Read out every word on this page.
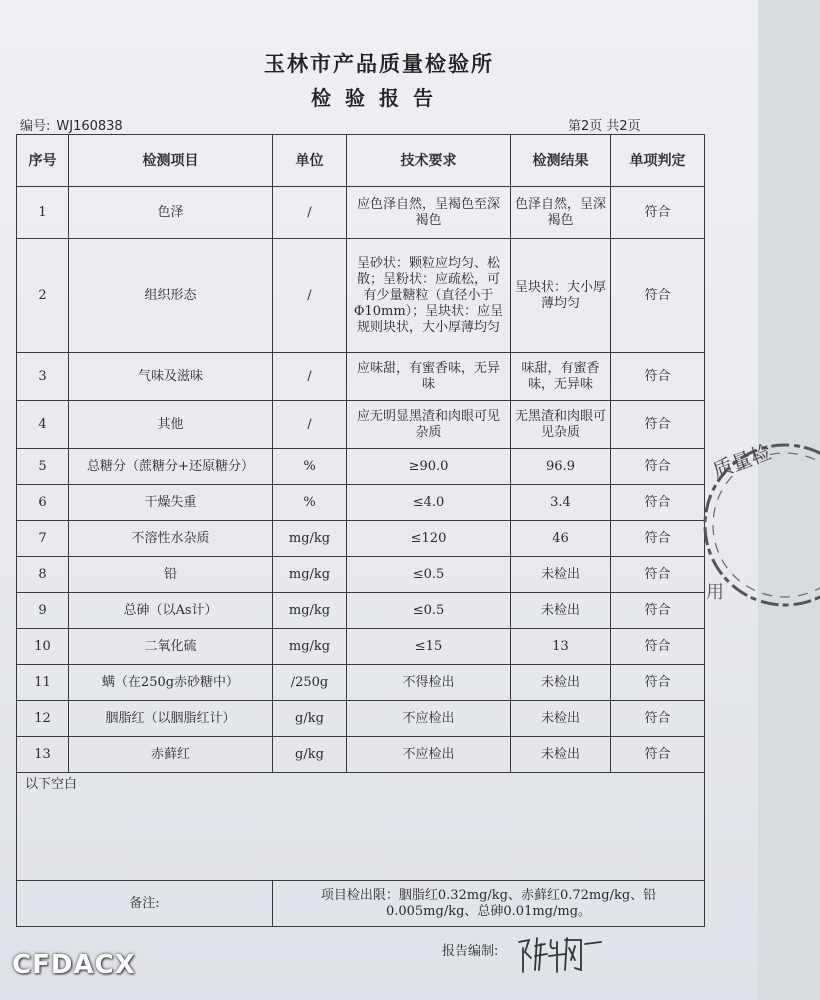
玉林市产品质量检验所
检验报告
编号: WJ160838	第2页 共2页
序号	检测项目	单位	技术要求	检测结果	单项判定
1	色泽	/	应色泽自然，呈褐色至深褐色	色泽自然，呈深褐色	符合
2	组织形态	/	呈砂状：颗粒应均匀、松散；呈粉状：应疏松，可有少量糖粒（直径小于Φ10mm）；呈块状：应呈规则块状，大小厚薄均匀	呈块状：大小厚薄均匀	符合
3	气味及滋味	/	应味甜，有蜜香味，无异味	味甜，有蜜香味，无异味	符合
4	其他	/	应无明显黑渣和肉眼可见杂质	无黑渣和肉眼可见杂质	符合
5	总糖分（蔗糖分+还原糖分）	%	≥90.0	96.9	符合
6	干燥失重	%	≤4.0	3.4	符合
7	不溶性水杂质	mg/kg	≤120	46	符合
8	铅	mg/kg	≤0.5	未检出	符合
9	总砷（以As计）	mg/kg	≤0.5	未检出	符合
10	二氧化硫	mg/kg	≤15	13	符合
11	螨（在250g赤砂糖中）	/250g	不得检出	未检出	符合
12	胭脂红（以胭脂红计）	g/kg	不应检出	未检出	符合
13	赤藓红	g/kg	不应检出	未检出	符合
以下空白					
备注:		项目检出限：胭脂红0.32mg/kg、赤藓红0.72mg/kg、铅0.005mg/kg、总砷0.01mg/mg。			
报告编制:
质量检
用
CFDACX
